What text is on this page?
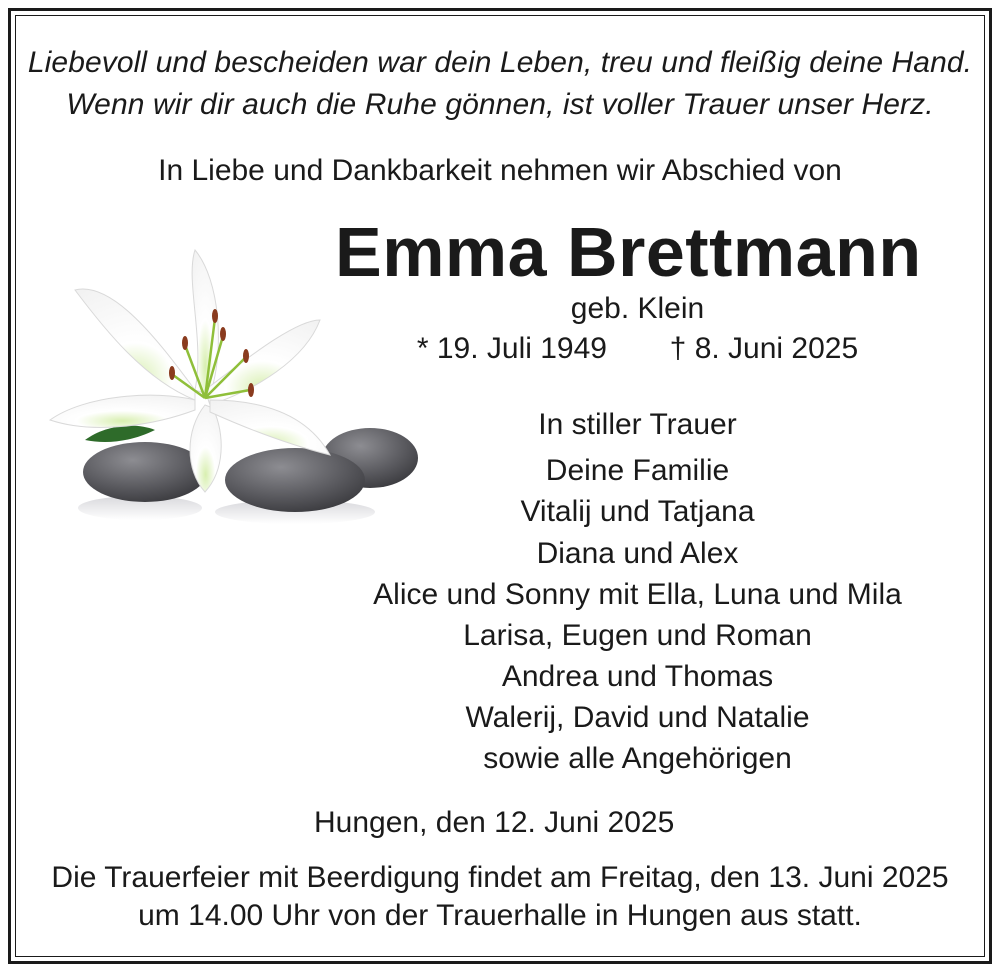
Liebevoll und bescheiden war dein Leben, treu und fleißig deine Hand.
Wenn wir dir auch die Ruhe gönnen, ist voller Trauer unser Herz.
In Liebe und Dankbarkeit nehmen wir Abschied von
Emma Brettmann
geb. Klein
* 19. Juli 1949 † 8. Juni 2025
In stiller Trauer
Deine Familie
Vitalij und Tatjana
Diana und Alex
Alice und Sonny mit Ella, Luna und Mila
Larisa, Eugen und Roman
Andrea und Thomas
Walerij, David und Natalie
sowie alle Angehörigen
Hungen, den 12. Juni 2025
Die Trauerfeier mit Beerdigung findet am Freitag, den 13. Juni 2025
um 14.00 Uhr von der Trauerhalle in Hungen aus statt.
